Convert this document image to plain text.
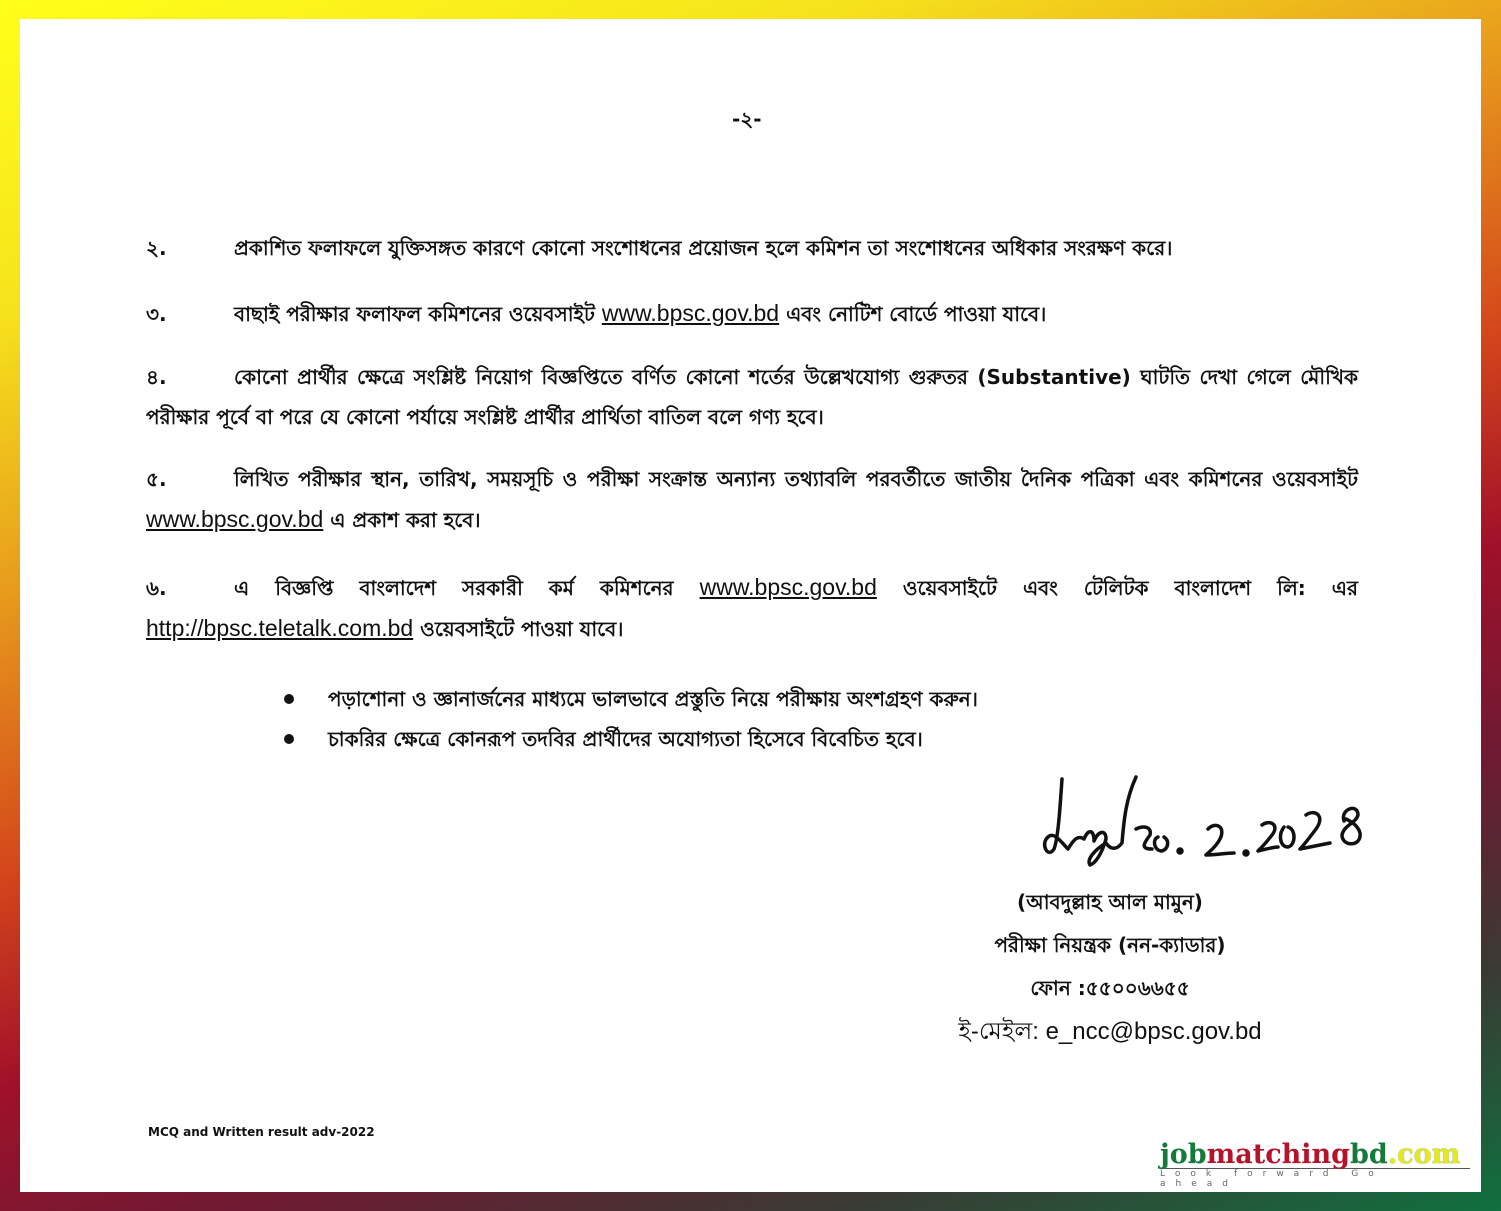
-২-
২.	প্রকাশিত ফলাফলে যুক্তিসঙ্গত কারণে কোনো সংশোধনের প্রয়োজন হলে কমিশন তা সংশোধনের অধিকার সংরক্ষণ করে।
৩.	বাছাই পরীক্ষার ফলাফল কমিশনের ওয়েবসাইট www.bpsc.gov.bd এবং নোটিশ বোর্ডে পাওয়া যাবে।
৪.	কোনো প্রার্থীর ক্ষেত্রে সংশ্লিষ্ট নিয়োগ বিজ্ঞপ্তিতে বর্ণিত কোনো শর্তের উল্লেখযোগ্য গুরুতর (Substantive) ঘাটতি দেখা গেলে মৌখিক পরীক্ষার পূর্বে বা পরে যে কোনো পর্যায়ে সংশ্লিষ্ট প্রার্থীর প্রার্থিতা বাতিল বলে গণ্য হবে।
৫.	লিখিত পরীক্ষার স্থান, তারিখ, সময়সূচি ও পরীক্ষা সংক্রান্ত অন্যান্য তথ্যাবলি পরবর্তীতে জাতীয় দৈনিক পত্রিকা এবং কমিশনের ওয়েবসাইট www.bpsc.gov.bd এ প্রকাশ করা হবে।
৬.	এ বিজ্ঞপ্তি বাংলাদেশ সরকারী কর্ম কমিশনের www.bpsc.gov.bd ওয়েবসাইটে এবং টেলিটক বাংলাদেশ লি: এর http://bpsc.teletalk.com.bd ওয়েবসাইটে পাওয়া যাবে।
পড়াশোনা ও জ্ঞানার্জনের মাধ্যমে ভালভাবে প্রস্তুতি নিয়ে পরীক্ষায় অংশগ্রহণ করুন।
চাকরির ক্ষেত্রে কোনরূপ তদবির প্রার্থীদের অযোগ্যতা হিসেবে বিবেচিত হবে।
(আবদুল্লাহ আল মামুন)
পরীক্ষা নিয়ন্ত্রক (নন-ক্যাডার)
ফোন :৫৫০০৬৬৫৫
ই-মেইল: e_ncc@bpsc.gov.bd
MCQ and Written result adv-2022
jobmatchingbd.com
Look forward Go ahead
